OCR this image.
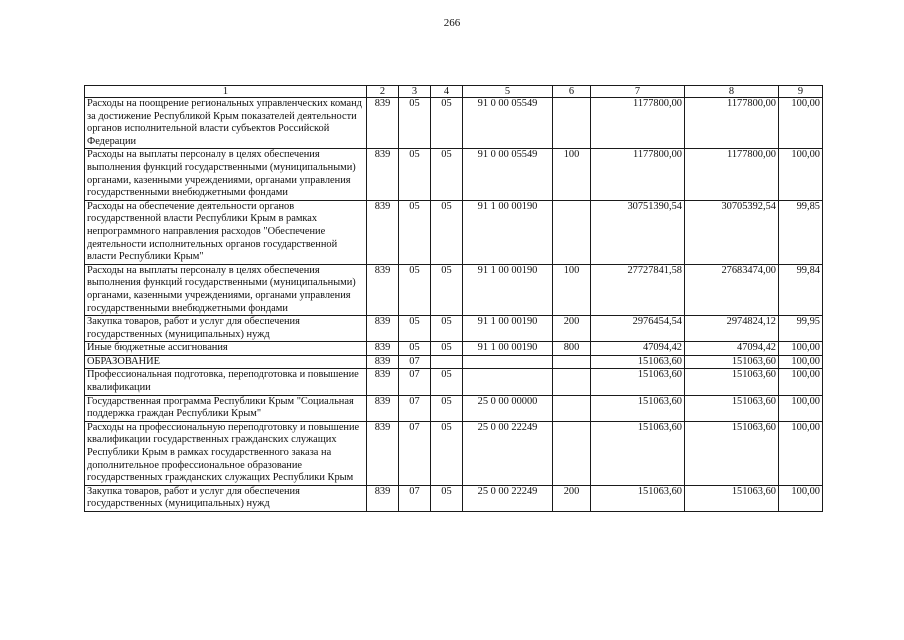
266
1	2	3	4	5	6	7	8	9
Расходы на поощрение региональных управленческих команд за достижение Республикой Крым показателей деятельности органов исполнительной власти субъектов Российской Федерации	839	05	05	91 0 00 05549		1177800,00	1177800,00	100,00
Расходы на выплаты персоналу в целях обеспечения выполнения функций государственными (муниципальными) органами, казенными учреждениями, органами управления государственными внебюджетными фондами	839	05	05	91 0 00 05549	100	1177800,00	1177800,00	100,00
Расходы на обеспечение деятельности органов государственной власти Республики Крым в рамках непрограммного направления расходов "Обеспечение деятельности исполнительных органов государственной власти Республики Крым"	839	05	05	91 1 00 00190		30751390,54	30705392,54	99,85
Расходы на выплаты персоналу в целях обеспечения выполнения функций государственными (муниципальными) органами, казенными учреждениями, органами управления государственными внебюджетными фондами	839	05	05	91 1 00 00190	100	27727841,58	27683474,00	99,84
Закупка товаров, работ и услуг для обеспечения государственных (муниципальных) нужд	839	05	05	91 1 00 00190	200	2976454,54	2974824,12	99,95
Иные бюджетные ассигнования	839	05	05	91 1 00 00190	800	47094,42	47094,42	100,00
ОБРАЗОВАНИЕ	839	07				151063,60	151063,60	100,00
Профессиональная подготовка, переподготовка и повышение квалификации	839	07	05			151063,60	151063,60	100,00
Государственная программа Республики Крым "Социальная поддержка граждан Республики Крым"	839	07	05	25 0 00 00000		151063,60	151063,60	100,00
Расходы на профессиональную переподготовку и повышение квалификации государственных гражданских служащих Республики Крым в рамках государственного заказа на дополнительное профессиональное образование государственных гражданских служащих Республики Крым	839	07	05	25 0 00 22249		151063,60	151063,60	100,00
Закупка товаров, работ и услуг для обеспечения государственных (муниципальных) нужд	839	07	05	25 0 00 22249	200	151063,60	151063,60	100,00
